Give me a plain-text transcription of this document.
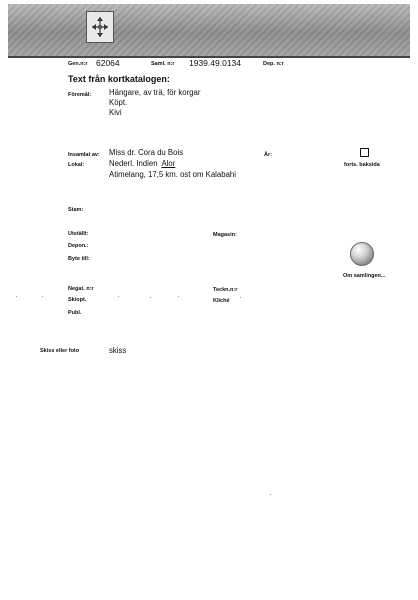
Gen.n:r 62064	Saml. n:r 1939.49.0134	Dep. n:r
Text från kortkatalogen:
Föremål: Hängare, av trä, för korgar
Köpt.
Kivi
Insamlat av: Miss dr. Cora du Bois	År:
Lokal:	Nederl. Indien Alor
Atimelang, 17,5 km. ost om Kalabahi
forts. baksida
Stam:
Utställt:	Magasin:
Depon.:
Byte till:
Om samlingen...
Negat. n:r	Teckn.n:r
Skiopt.	Kliché
Publ.
Skiss eller foto	skiss
